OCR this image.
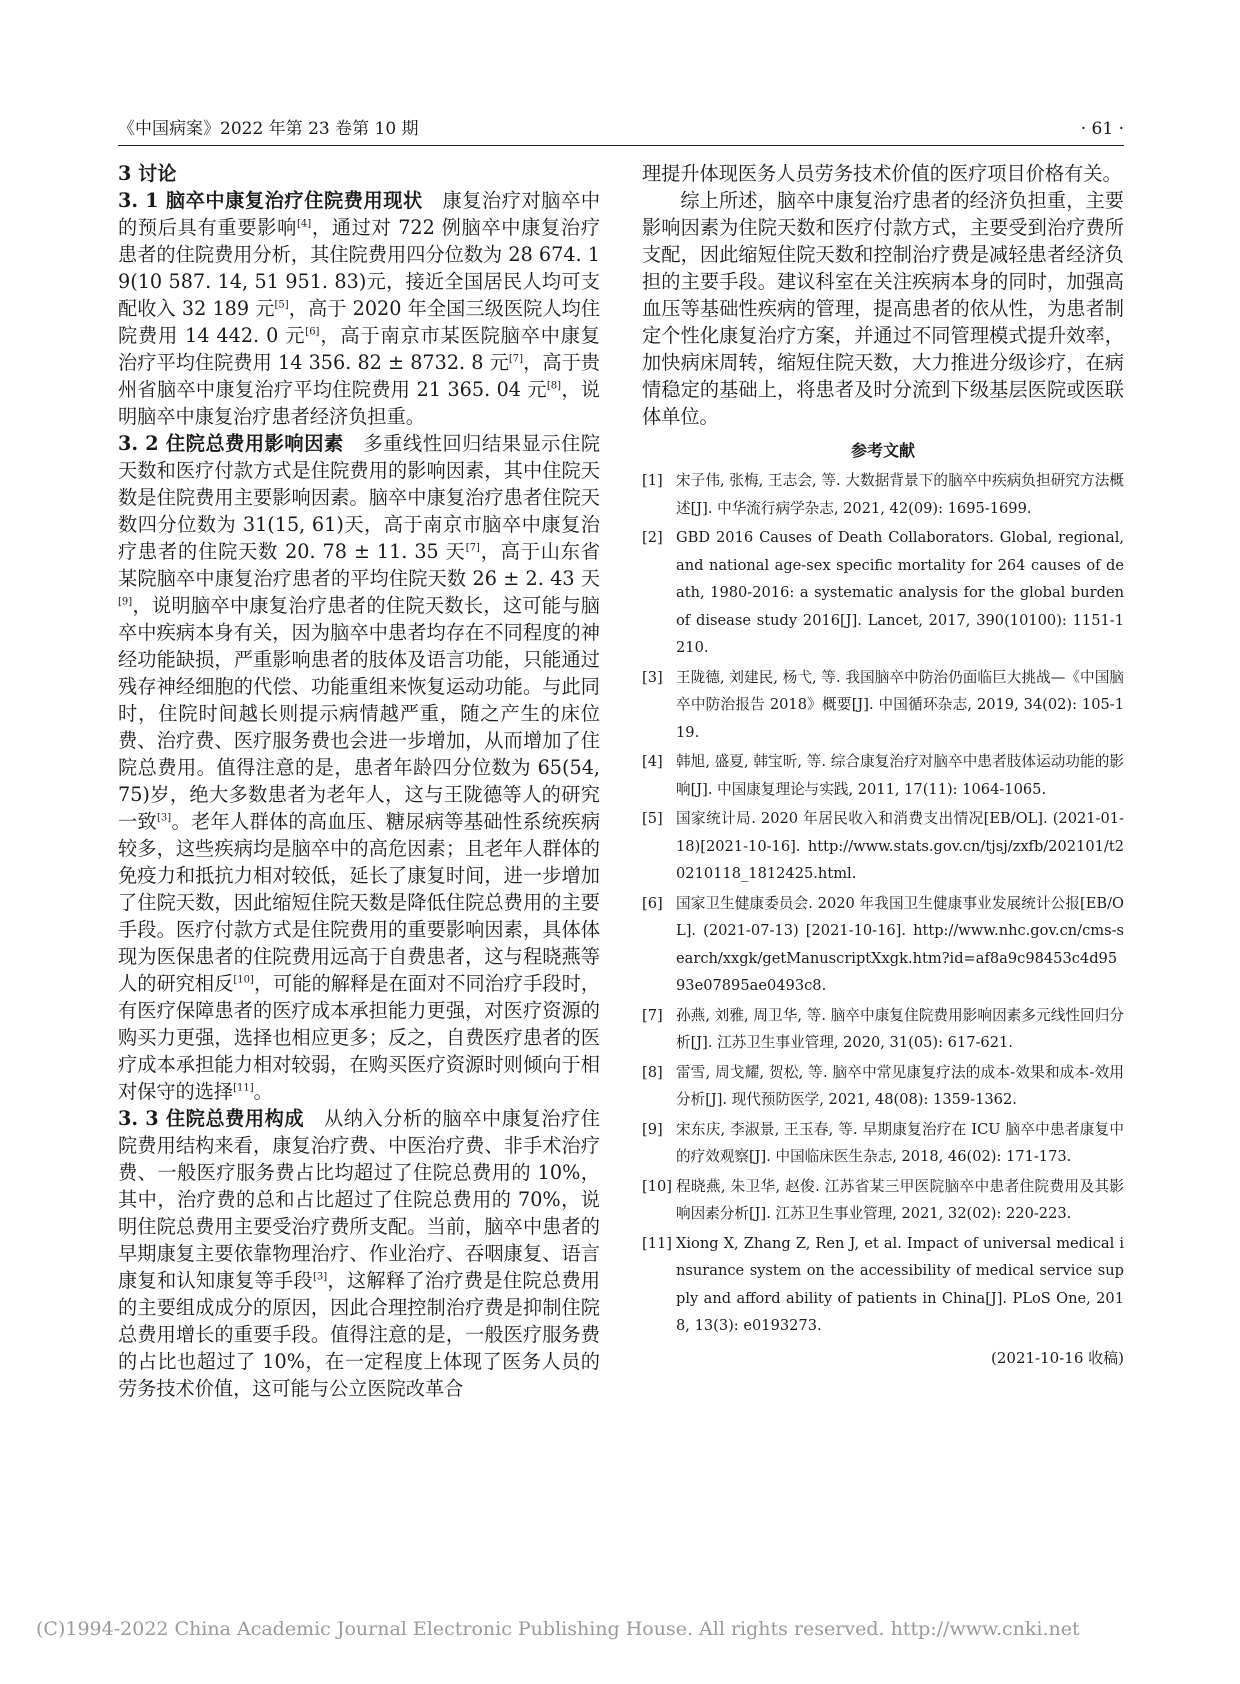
《中国病案》2022 年第 23 卷第 10 期	· 61 ·

3 讨论

3. 1 脑卒中康复治疗住院费用现状　 康复治疗对脑卒中的预后具有重要影响[4]，通过对 722 例脑卒中康复治疗患者的住院费用分析，其住院费用四分位数为 28 674. 19(10 587. 14, 51 951. 83)元，接近全国居民人均可支配收入 32 189 元[5]，高于 2020 年全国三级医院人均住院费用 14 442. 0 元[6]，高于南京市某医院脑卒中康复治疗平均住院费用 14 356. 82 ± 8732. 8 元[7]，高于贵州省脑卒中康复治疗平均住院费用 21 365. 04 元[8]，说明脑卒中康复治疗患者经济负担重。

3. 2 住院总费用影响因素　 多重线性回归结果显示住院天数和医疗付款方式是住院费用的影响因素，其中住院天数是住院费用主要影响因素。脑卒中康复治疗患者住院天数四分位数为 31(15, 61)天，高于南京市脑卒中康复治疗患者的住院天数 20. 78 ± 11. 35 天[7]，高于山东省某院脑卒中康复治疗患者的平均住院天数 26 ± 2. 43 天[9]，说明脑卒中康复治疗患者的住院天数长，这可能与脑卒中疾病本身有关，因为脑卒中患者均存在不同程度的神经功能缺损，严重影响患者的肢体及语言功能，只能通过残存神经细胞的代偿、功能重组来恢复运动功能。与此同时，住院时间越长则提示病情越严重，随之产生的床位费、治疗费、医疗服务费也会进一步增加，从而增加了住院总费用。值得注意的是，患者年龄四分位数为 65(54, 75)岁，绝大多数患者为老年人，这与王陇德等人的研究一致[3]。老年人群体的高血压、糖尿病等基础性系统疾病较多，这些疾病均是脑卒中的高危因素；且老年人群体的免疫力和抵抗力相对较低，延长了康复时间，进一步增加了住院天数，因此缩短住院天数是降低住院总费用的主要手段。医疗付款方式是住院费用的重要影响因素，具体体现为医保患者的住院费用远高于自费患者，这与程晓燕等人的研究相反[10]，可能的解释是在面对不同治疗手段时，有医疗保障患者的医疗成本承担能力更强，对医疗资源的购买力更强，选择也相应更多；反之，自费医疗患者的医疗成本承担能力相对较弱，在购买医疗资源时则倾向于相对保守的选择[11]。

3. 3 住院总费用构成　 从纳入分析的脑卒中康复治疗住院费用结构来看，康复治疗费、中医治疗费、非手术治疗费、一般医疗服务费占比均超过了住院总费用的 10%，其中，治疗费的总和占比超过了住院总费用的 70%，说明住院总费用主要受治疗费所支配。当前，脑卒中患者的早期康复主要依靠物理治疗、作业治疗、吞咽康复、语言康复和认知康复等手段[3]，这解释了治疗费是住院总费用的主要组成成分的原因，因此合理控制治疗费是抑制住院总费用增长的重要手段。值得注意的是，一般医疗服务费的占比也超过了 10%，在一定程度上体现了医务人员的劳务技术价值，这可能与公立医院改革合

理提升体现医务人员劳务技术价值的医疗项目价格有关。

综上所述，脑卒中康复治疗患者的经济负担重，主要影响因素为住院天数和医疗付款方式，主要受到治疗费所支配，因此缩短住院天数和控制治疗费是减轻患者经济负担的主要手段。建议科室在关注疾病本身的同时，加强高血压等基础性疾病的管理，提高患者的依从性，为患者制定个性化康复治疗方案，并通过不同管理模式提升效率，加快病床周转，缩短住院天数，大力推进分级诊疗，在病情稳定的基础上，将患者及时分流到下级基层医院或医联体单位。

参考文献

[1] 宋子伟, 张梅, 王志会, 等. 大数据背景下的脑卒中疾病负担研究方法概述[J]. 中华流行病学杂志, 2021, 42(09): 1695-1699.

[2] GBD 2016 Causes of Death Collaborators. Global, regional, and national age-sex specific mortality for 264 causes of death, 1980-2016: a systematic analysis for the global burden of disease study 2016[J]. Lancet, 2017, 390(10100): 1151-1210.

[3] 王陇德, 刘建民, 杨弋, 等. 我国脑卒中防治仍面临巨大挑战—《中国脑卒中防治报告 2018》概要[J]. 中国循环杂志, 2019, 34(02): 105-119.

[4] 韩旭, 盛夏, 韩宝昕, 等. 综合康复治疗对脑卒中患者肢体运动功能的影响[J]. 中国康复理论与实践, 2011, 17(11): 1064-1065.

[5] 国家统计局. 2020 年居民收入和消费支出情况[EB/OL]. (2021-01-18)[2021-10-16]. http://www.stats.gov.cn/tjsj/zxfb/202101/t20210118_1812425.html.

[6] 国家卫生健康委员会. 2020 年我国卫生健康事业发展统计公报[EB/OL]. (2021-07-13) [2021-10-16]. http://www.nhc.gov.cn/cms-search/xxgk/getManuscriptXxgk.htm?id=af8a9c98453c4d9593e07895ae0493c8.

[7] 孙燕, 刘雅, 周卫华, 等. 脑卒中康复住院费用影响因素多元线性回归分析[J]. 江苏卫生事业管理, 2020, 31(05): 617-621.

[8] 雷雪, 周戈耀, 贺松, 等. 脑卒中常见康复疗法的成本-效果和成本-效用分析[J]. 现代预防医学, 2021, 48(08): 1359-1362.

[9] 宋东庆, 李淑景, 王玉春, 等. 早期康复治疗在 ICU 脑卒中患者康复中的疗效观察[J]. 中国临床医生杂志, 2018, 46(02): 171-173.

[10] 程晓燕, 朱卫华, 赵俊. 江苏省某三甲医院脑卒中患者住院费用及其影响因素分析[J]. 江苏卫生事业管理, 2021, 32(02): 220-223.

[11] Xiong X, Zhang Z, Ren J, et al. Impact of universal medical insurance system on the accessibility of medical service supply and afford ability of patients in China[J]. PLoS One, 2018, 13(3): e0193273.

(2021-10-16 收稿)
(C)1994-2022 China Academic Journal Electronic Publishing House. All rights reserved. http://www.cnki.net
